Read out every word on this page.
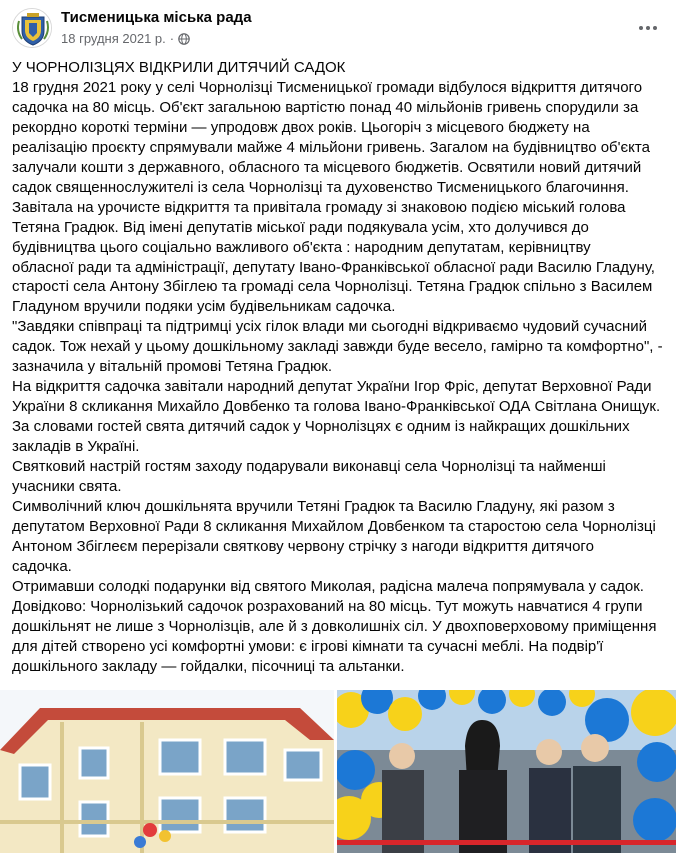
Тисменицька міська рада
18 грудня 2021 р. ·

У ЧОРНОЛІЗЦЯХ ВІДКРИЛИ ДИТЯЧИЙ САДОК

18 грудня 2021 року у селі Чорнолізці Тисменицької громади відбулося відкриття дитячого

садочка на 80 місць. Об'єкт загальною вартістю понад 40 мільйонів гривень спорудили за

рекордно короткі терміни — упродовж двох років. Цьогоріч з місцевого бюджету на

реалізацію проєкту спрямували майже 4 мільйони гривень. Загалом на будівництво об'єкта

залучали кошти з державного, обласного та місцевого бюджетів. Освятили новий дитячий

садок священнослужителі із села Чорнолізці та духовенство Тисменицького благочиння.

Завітала на урочисте відкриття та привітала громаду зі знаковою подією міський голова

Тетяна Градюк. Від імені депутатів міської ради подякувала усім, хто долучився до

будівництва цього соціально важливого об'єкта : народним депутатам, керівництву

обласної ради та адміністрації, депутату Івано-Франківської обласної ради Василю Гладуну,

старості села Антону Збіглею та громаді села Чорнолізці. Тетяна Градюк спільно з Василем

Гладуном вручили подяки усім будівельникам садочка.

"Завдяки співпраці та підтримці усіх гілок влади ми сьогодні відкриваємо чудовий сучасний

садок. Тож нехай у цьому дошкільному закладі завжди буде весело, гамірно та комфортно", -

зазначила у вітальній промові Тетяна Градюк.

На відкриття садочка завітали народний депутат України Ігор Фріс, депутат Верховної Ради

України 8 скликання Михайло Довбенко та голова Івано-Франківської ОДА Світлана Онищук.

За словами гостей свята дитячий садок у Чорнолізцях є одним із найкращих дошкільних

закладів в Україні.

Святковий настрій гостям заходу подарували виконавці села Чорнолізці та найменші

учасники свята.

Символічний ключ дошкільнята вручили Тетяні Градюк та Василю Гладуну, які разом з

депутатом Верховної Ради 8 скликання Михайлом Довбенком та старостою села Чорнолізці

Антоном Збіглеєм перерізали святкову червону стрічку з нагоди відкриття дитячого

садочка.

Отримавши солодкі подарунки від святого Миколая, радісна малеча попрямувала у садок.

Довідково: Чорнолізький садочок розрахований на 80 місць. Тут можуть навчатися 4 групи

дошкільнят не лише з Чорнолізців, але й з довколишніх сіл. У двохповерховому приміщення

для дітей створено усі комфортні умови: є ігрові кімнати та сучасні меблі. На подвір'ї

дошкільного закладу — гойдалки, пісочниці та альтанки.
